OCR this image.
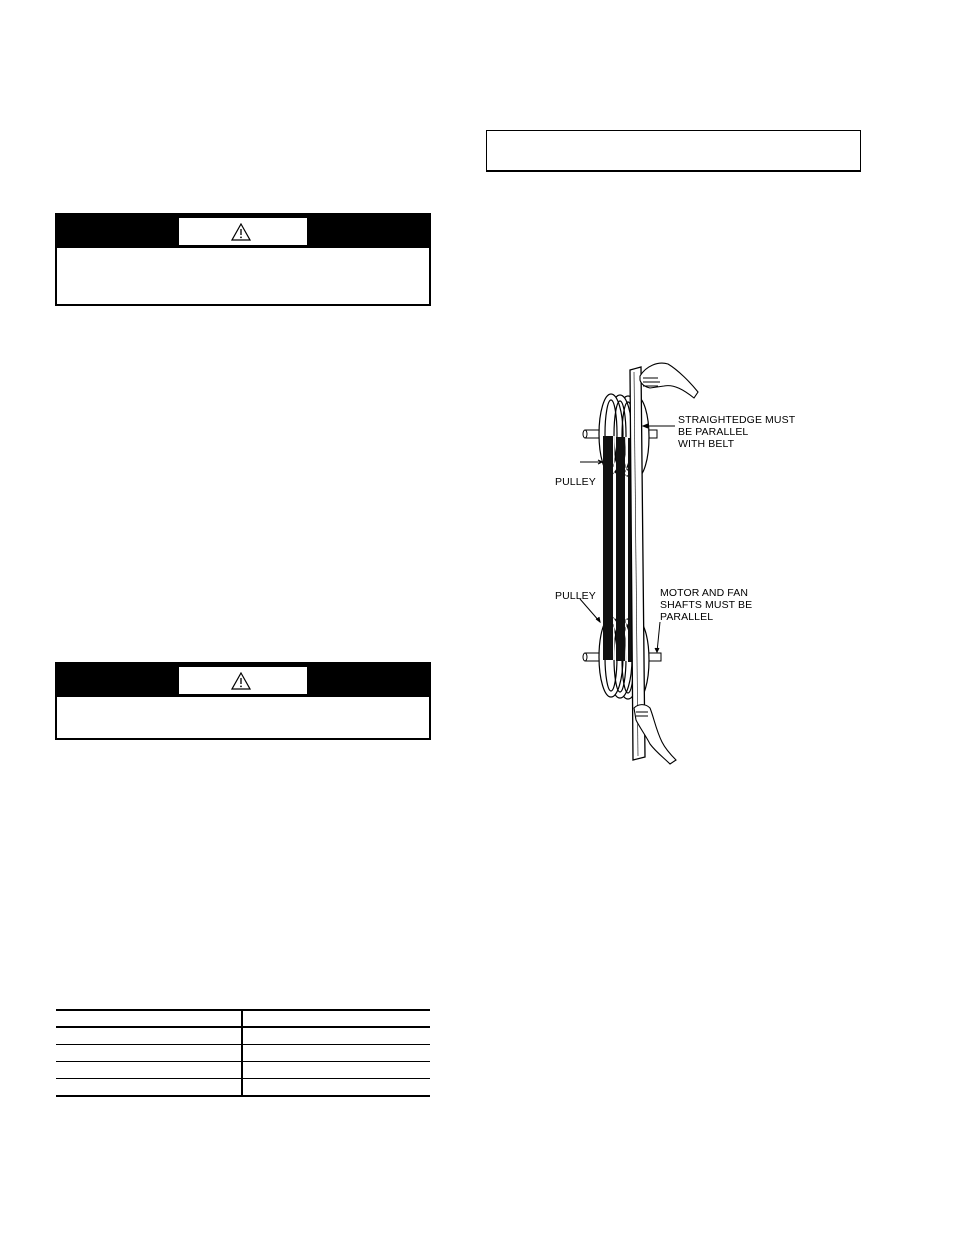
STRAIGHTEDGE MUST
BE PARALLEL
WITH BELT
PULLEY
PULLEY	MOTOR AND FAN
SHAFTS MUST BE
PARALLEL
